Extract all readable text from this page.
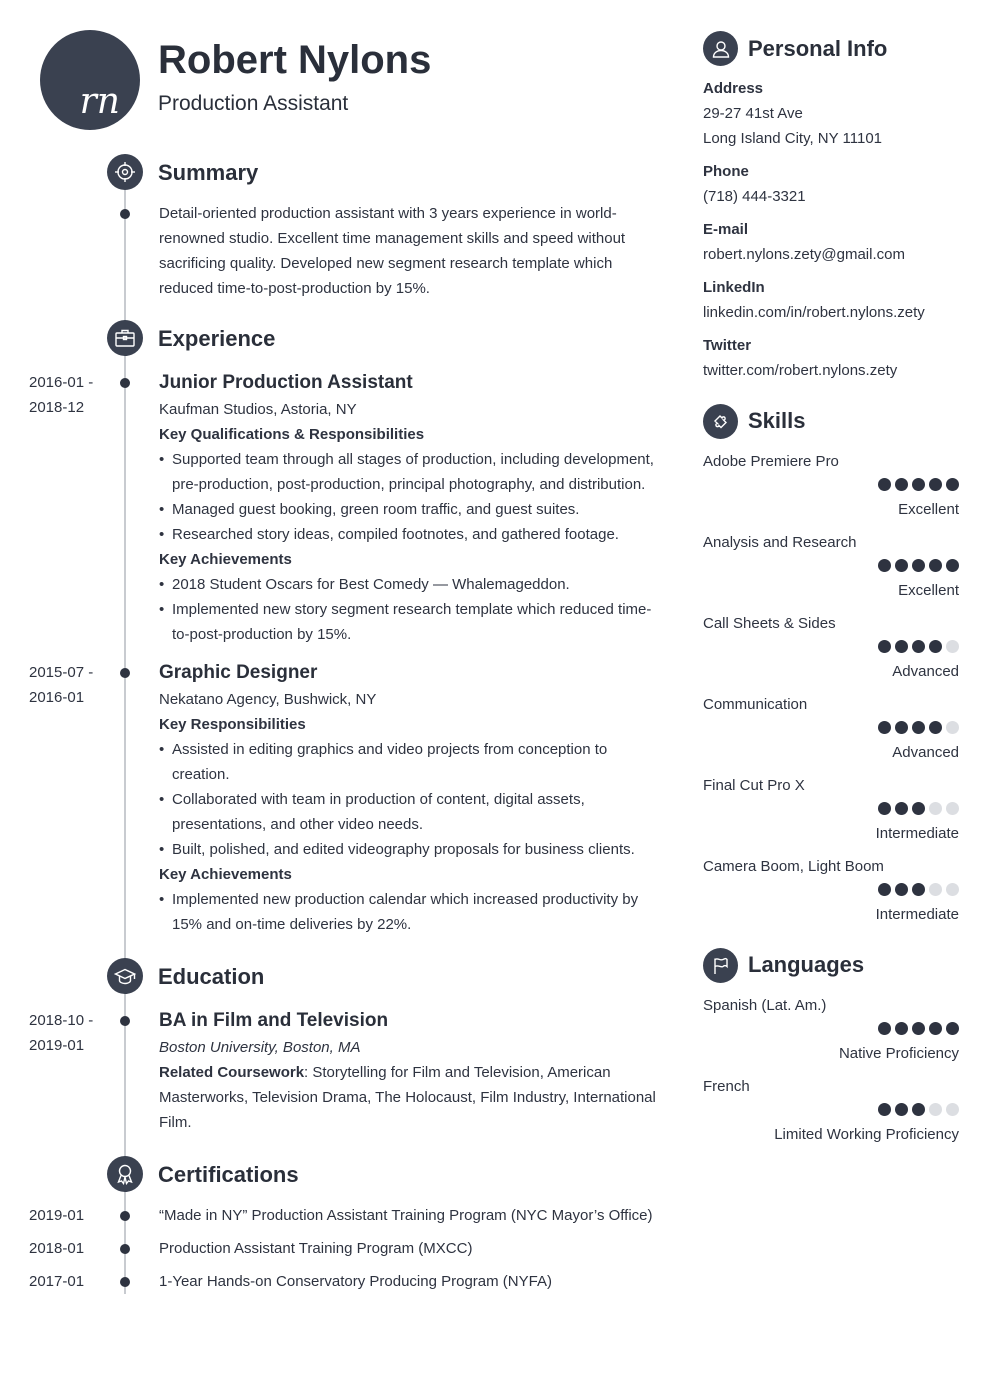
rn
Robert Nylons
Production Assistant
Summary
Detail-oriented production assistant with 3 years experience in world-renowned studio. Excellent time management skills and speed without sacrificing quality. Developed new segment research template which reduced time-to-post-production by 15%.
Experience
2016-01 -
2018-12
Junior Production Assistant
Kaufman Studios, Astoria, NY
Key Qualifications & Responsibilities
• Supported team through all stages of production, including development, pre-production, post-production, principal photography, and distribution.
• Managed guest booking, green room traffic, and guest suites.
• Researched story ideas, compiled footnotes, and gathered footage.
Key Achievements
• 2018 Student Oscars for Best Comedy — Whalemageddon.
• Implemented new story segment research template which reduced time-to-post-production by 15%.
2015-07 -
2016-01
Graphic Designer
Nekatano Agency, Bushwick, NY
Key Responsibilities
• Assisted in editing graphics and video projects from conception to creation.
• Collaborated with team in production of content, digital assets, presentations, and other video needs.
• Built, polished, and edited videography proposals for business clients.
Key Achievements
• Implemented new production calendar which increased productivity by 15% and on-time deliveries by 22%.
Education
2018-10 -
2019-01
BA in Film and Television
Boston University, Boston, MA
Related Coursework: Storytelling for Film and Television, American Masterworks, Television Drama, The Holocaust, Film Industry, International Film.
Certifications
2019-01	“Made in NY” Production Assistant Training Program (NYC Mayor’s Office)
2018-01	Production Assistant Training Program (MXCC)
2017-01	1-Year Hands-on Conservatory Producing Program (NYFA)
Personal Info
Address
29-27 41st Ave
Long Island City, NY 11101
Phone
(718) 444-3321
E-mail
robert.nylons.zety@gmail.com
LinkedIn
linkedin.com/in/robert.nylons.zety
Twitter
twitter.com/robert.nylons.zety
Skills
Adobe Premiere Pro
Excellent
Analysis and Research
Excellent
Call Sheets & Sides
Advanced
Communication
Advanced
Final Cut Pro X
Intermediate
Camera Boom, Light Boom
Intermediate
Languages
Spanish (Lat. Am.)
Native Proficiency
French
Limited Working Proficiency
